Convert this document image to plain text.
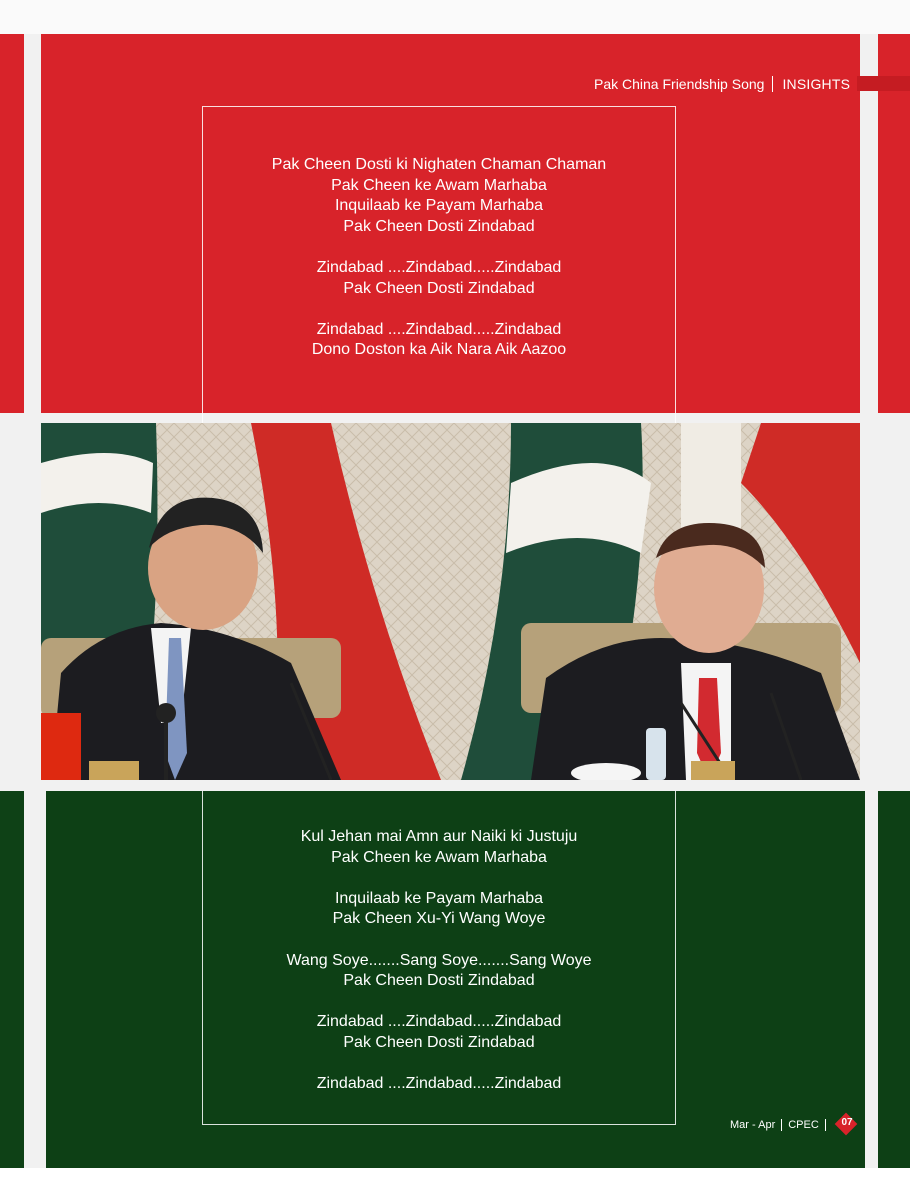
Pak China Friendship Song INSIGHTS
Pak Cheen Dosti ki Nighaten Chaman Chaman
Pak Cheen ke Awam Marhaba
Inquilaab ke Payam Marhaba
Pak Cheen Dosti Zindabad
Zindabad ....Zindabad.....Zindabad
Pak Cheen Dosti Zindabad
Zindabad ....Zindabad.....Zindabad
Dono Doston ka Aik Nara Aik Aazoo
Kul Jehan mai Amn aur Naiki ki Justuju
Pak Cheen ke Awam Marhaba
Inquilaab ke Payam Marhaba
Pak Cheen Xu-Yi Wang Woye
Wang Soye.......Sang Soye.......Sang Woye
Pak Cheen Dosti Zindabad
Zindabad ....Zindabad.....Zindabad
Pak Cheen Dosti Zindabad
Zindabad ....Zindabad.....Zindabad
Mar - Apr CPEC	07
